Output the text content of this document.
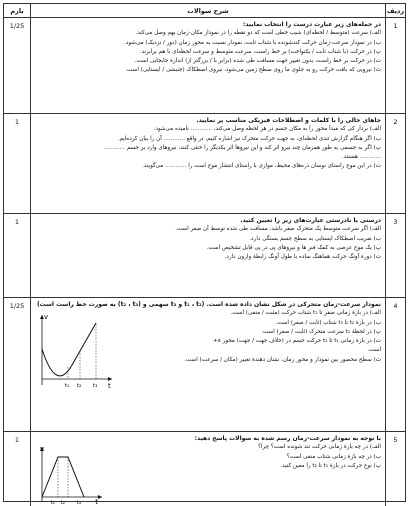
ردیف
شرح سوالات
بارم
1

در جمله‌های زیر عبارت درست را انتخاب نمایید:

الف) سرعت (متوسط / لحظه‌ای) شیب خطی است که دو نقطه را در نمودار مکان-زمان بهم وصل می‌کند.

ب) در نمودار سرعت-زمان حرکت کندشونده با شتاب ثابت، نمودار نسبت به محور زمان (دور / نزدیک) می‌شود.

پ) در حرکت (با شتاب ثابت / یکنواخت) بر خط راست، سرعت متوسط و سرعت لحظه‌ای با هم برابرند.

ت) در حرکت بر خط راست، بدون تغییر جهت مسافت طی شده (برابر با / بزرگتر از) اندازهٔ جابجایی است.

ث) نیرویی که بافت حرکت رو به جلوی ما روی سطح زمین می‌شود، نیروی اصطکاک (جنبشی / ایستایی) است.

1/25
2

جاهای خالی را با کلمات و اصطلاحات فیزیکی مناسب پر نمایید.

الف) بردار کی که مبدأ محور را به مکان جسم در هر لحظه وصل می‌کند، ............ نامیده می‌شود.

ب) اگر هنگام گزارش تندی لحظه‌ای، به جهت حرکت متحرک نیز اشاره کنیم، در واقع ............ آن را بیان کرده‌ایم.

پ) اگر به جسمی به طور همزمان چند نیرو اثر کند و این نیروها اثر یکدیگر را خنثی کنند، نیروهای وارد بر جسم ............

............ هستند.

ت) در این موج راستای نوسان ذره‌های محیط، موازی با راستای انتشار موج است را ............ می‌گویند.

1
3

درستی یا نادرستی عبارت‌های زیر را تعیین کنید.

الف) اگر سرعت متوسط یک متحرک صفر باشد، مسافت طی شده توسط آن صفر است.

ب) ضریب اصطکاک ایستایی به سطح جسم بستگی دارد.

پ) یک موج عرضی به کمک فنر ها و نیروهای پی در پی قابل تشخیص است.

ت) دورهٔ آونگ حرکت هماهنگ ساده با طول آونگ رابطهٔ وارون دارد.

1
4

نمودار سرعت-زمان متحرکی در شکل نشان داده شده است. (t₁ ، t₂ و t₃ سهمی و (t₂ ، t₃) به صورت خط راست است)

الف) در بازهٔ زمانی صفر تا t₁ شتاب حرکت (مثبت / منفی) است.

ب) در بازهٔ t₂ تا t₃ شتاب (ثابت / صفر) است.

پ) در لحظهٔ t₁ سرعت متحرک (ثابت / صفر) است.

ت) در بازهٔ زمانی t₁ تا t₂ حرکت جسم در (خلاف جهت / جهت) محور x+

است.

ث) سطح محصور بین نمودار و محور زمان، نشان دهندهٔ تغییر (مکان / سرعت) است.

v
t
t₁ t₂ t₃
1/25
5

با توجه به نمودار سرعت-زمان رسم شده به سوالات پاسخ دهید:

الف) در چه بازهٔ زمانی حرکت تند شونده است؟ چرا؟

ب) در چه بازهٔ زمانی شتاب منفی است؟

پ) نوع حرکت در بازهٔ t₁ تا t₂ را معین کنید.

v
t
t₁ t₂ t₃
1
